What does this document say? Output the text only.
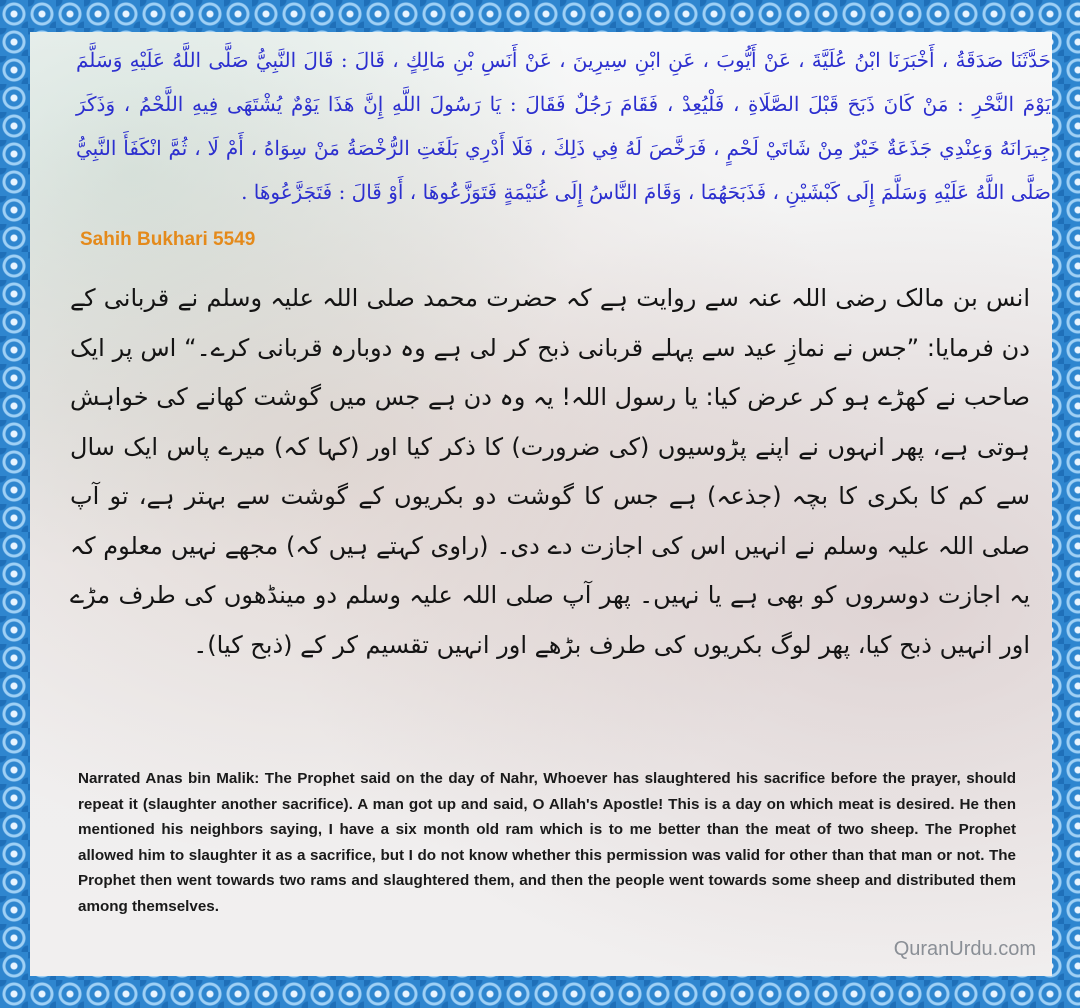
حَدَّثَنَا صَدَقَةُ ، أَخْبَرَنَا ابْنُ عُلَيَّةَ ، عَنْ أَيُّوبَ ، عَنِ ابْنِ سِيرِينَ ، عَنْ أَنَسِ بْنِ مَالِكٍ ، قَالَ : قَالَ النَّبِيُّ صَلَّى اللَّهُ عَلَيْهِ وَسَلَّمَ يَوْمَ النَّحْرِ : مَنْ كَانَ ذَبَحَ قَبْلَ الصَّلَاةِ ، فَلْيُعِدْ ، فَقَامَ رَجُلٌ فَقَالَ : يَا رَسُولَ اللَّهِ إِنَّ هَذَا يَوْمٌ يُشْتَهَى فِيهِ اللَّحْمُ ، وَذَكَرَ جِيرَانَهُ وَعِنْدِي جَذَعَةٌ خَيْرٌ مِنْ شَاتَيْ لَحْمٍ ، فَرَخَّصَ لَهُ فِي ذَلِكَ ، فَلَا أَدْرِي بَلَغَتِ الرُّخْصَةُ مَنْ سِوَاهُ ، أَمْ لَا ، ثُمَّ انْكَفَأَ النَّبِيُّ صَلَّى اللَّهُ عَلَيْهِ وَسَلَّمَ إِلَى كَبْشَيْنِ ، فَذَبَحَهُمَا ، وَقَامَ النَّاسُ إِلَى غُنَيْمَةٍ فَتَوَزَّعُوهَا ، أَوْ قَالَ : فَتَجَزَّعُوهَا .

Sahih Bukhari 5549

انس بن مالک رضی اللہ عنہ سے روایت ہے کہ حضرت محمد صلی اللہ علیہ وسلم نے قربانی کے دن فرمایا: ”جس نے نمازِ عید سے پہلے قربانی ذبح کر لی ہے وہ دوبارہ قربانی کرے۔“ اس پر ایک صاحب نے کھڑے ہو کر عرض کیا: یا رسول اللہ! یہ وہ دن ہے جس میں گوشت کھانے کی خواہش ہوتی ہے، پھر انہوں نے اپنے پڑوسیوں (کی ضرورت) کا ذکر کیا اور (کہا کہ) میرے پاس ایک سال سے کم کا بکری کا بچہ (جذعہ) ہے جس کا گوشت دو بکریوں کے گوشت سے بہتر ہے، تو آپ صلی اللہ علیہ وسلم نے انہیں اس کی اجازت دے دی۔ (راوی کہتے ہیں کہ) مجھے نہیں معلوم کہ یہ اجازت دوسروں کو بھی ہے یا نہیں۔ پھر آپ صلی اللہ علیہ وسلم دو مینڈھوں کی طرف مڑے اور انہیں ذبح کیا، پھر لوگ بکریوں کی طرف بڑھے اور انہیں تقسیم کر کے (ذبح کیا)۔

Narrated Anas bin Malik: The Prophet said on the day of Nahr, Whoever has slaughtered his sacrifice before the prayer, should repeat it (slaughter another sacrifice). A man got up and said, O Allah's Apostle! This is a day on which meat is desired. He then mentioned his neighbors saying, I have a six month old ram which is to me better than the meat of two sheep. The Prophet allowed him to slaughter it as a sacrifice, but I do not know whether this permission was valid for other than that man or not. The Prophet then went towards two rams and slaughtered them, and then the people went towards some sheep and distributed them among themselves.

QuranUrdu.com
